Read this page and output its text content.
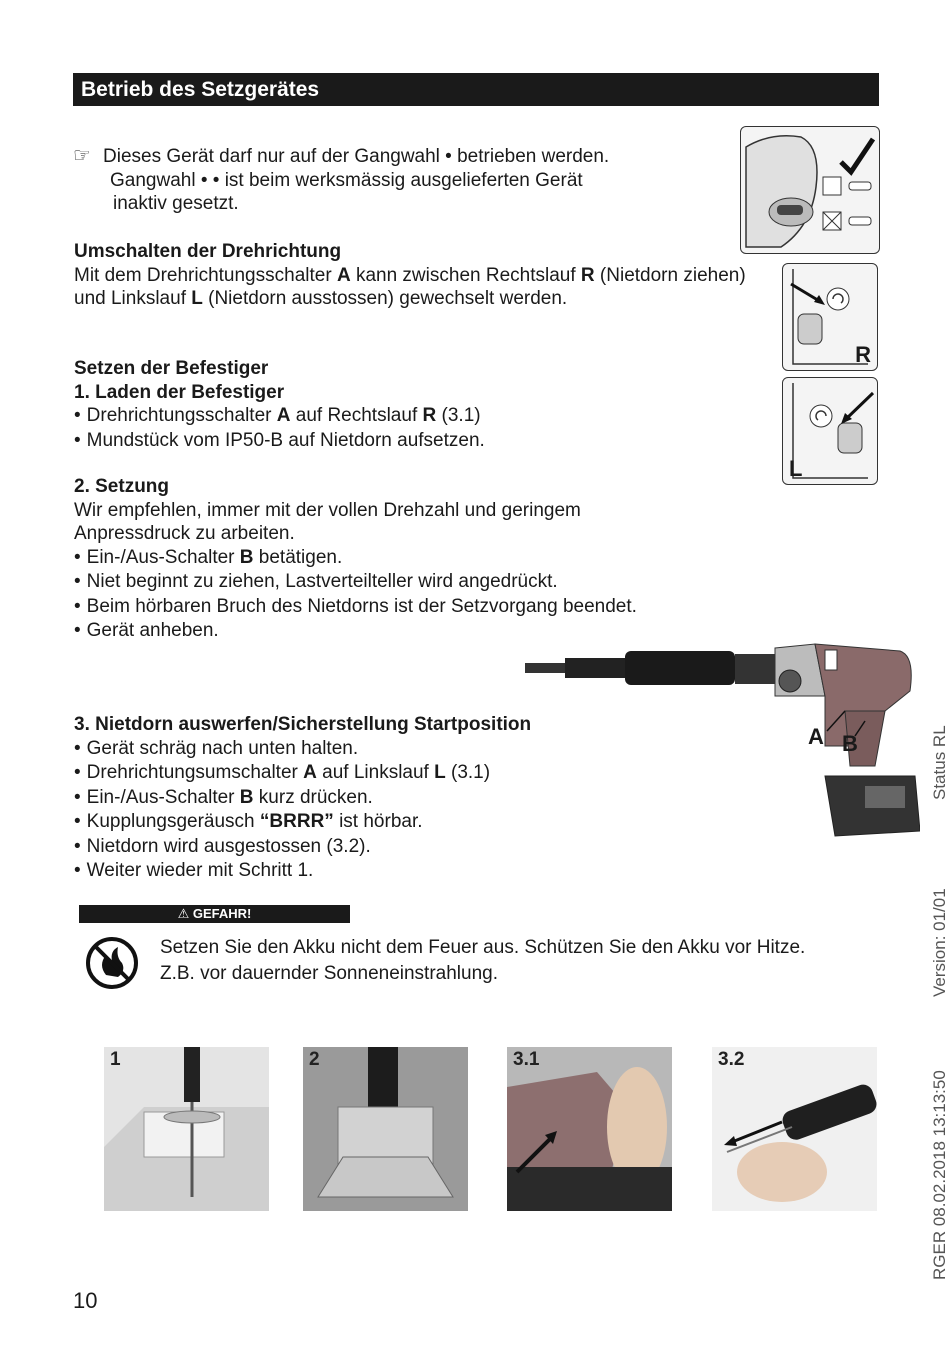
Betrieb des Setzgerätes
☞ Dieses Gerät darf nur auf der Gangwahl • betrieben werden.
Gangwahl • • ist beim werksmässig ausgelieferten Gerät
inaktiv gesetzt.

Umschalten der Drehrichtung

Mit dem Drehrichtungsschalter A kann zwischen Rechtslauf R (Nietdorn ziehen)

und Linkslauf L (Nietdorn ausstossen) gewechselt werden.

R
L

Setzen der Befestiger

1. Laden der Befestiger

• Drehrichtungsschalter A auf Rechtslauf R (3.1)
• Mundstück vom IP50-B auf Nietdorn aufsetzen.

2. Setzung

Wir empfehlen, immer mit der vollen Drehzahl und geringem

Anpressdruck zu arbeiten.

• Ein-/Aus-Schalter B betätigen.
• Niet beginnt zu ziehen, Lastverteilteller wird angedrückt.
• Beim hörbaren Bruch des Nietdorns ist der Setzvorgang beendet.
• Gerät anheben.
A B

3. Nietdorn auswerfen/Sicherstellung Startposition

• Gerät schräg nach unten halten.
• Drehrichtungsumschalter A auf Linkslauf L (3.1)
• Ein-/Aus-Schalter B kurz drücken.
• Kupplungsgeräusch “BRRR” ist hörbar.
• Nietdorn wird ausgestossen (3.2).
• Weiter wieder mit Schritt 1.
⚠ GEFAHR!
Setzen Sie den Akku nicht dem Feuer aus. Schützen Sie den Akku vor Hitze.
Z.B. vor dauernder Sonneneinstrahlung.
1	2	3.1	3.2
Status RL
Version: 01/01
RGER 08.02.2018 13:13:50
10
